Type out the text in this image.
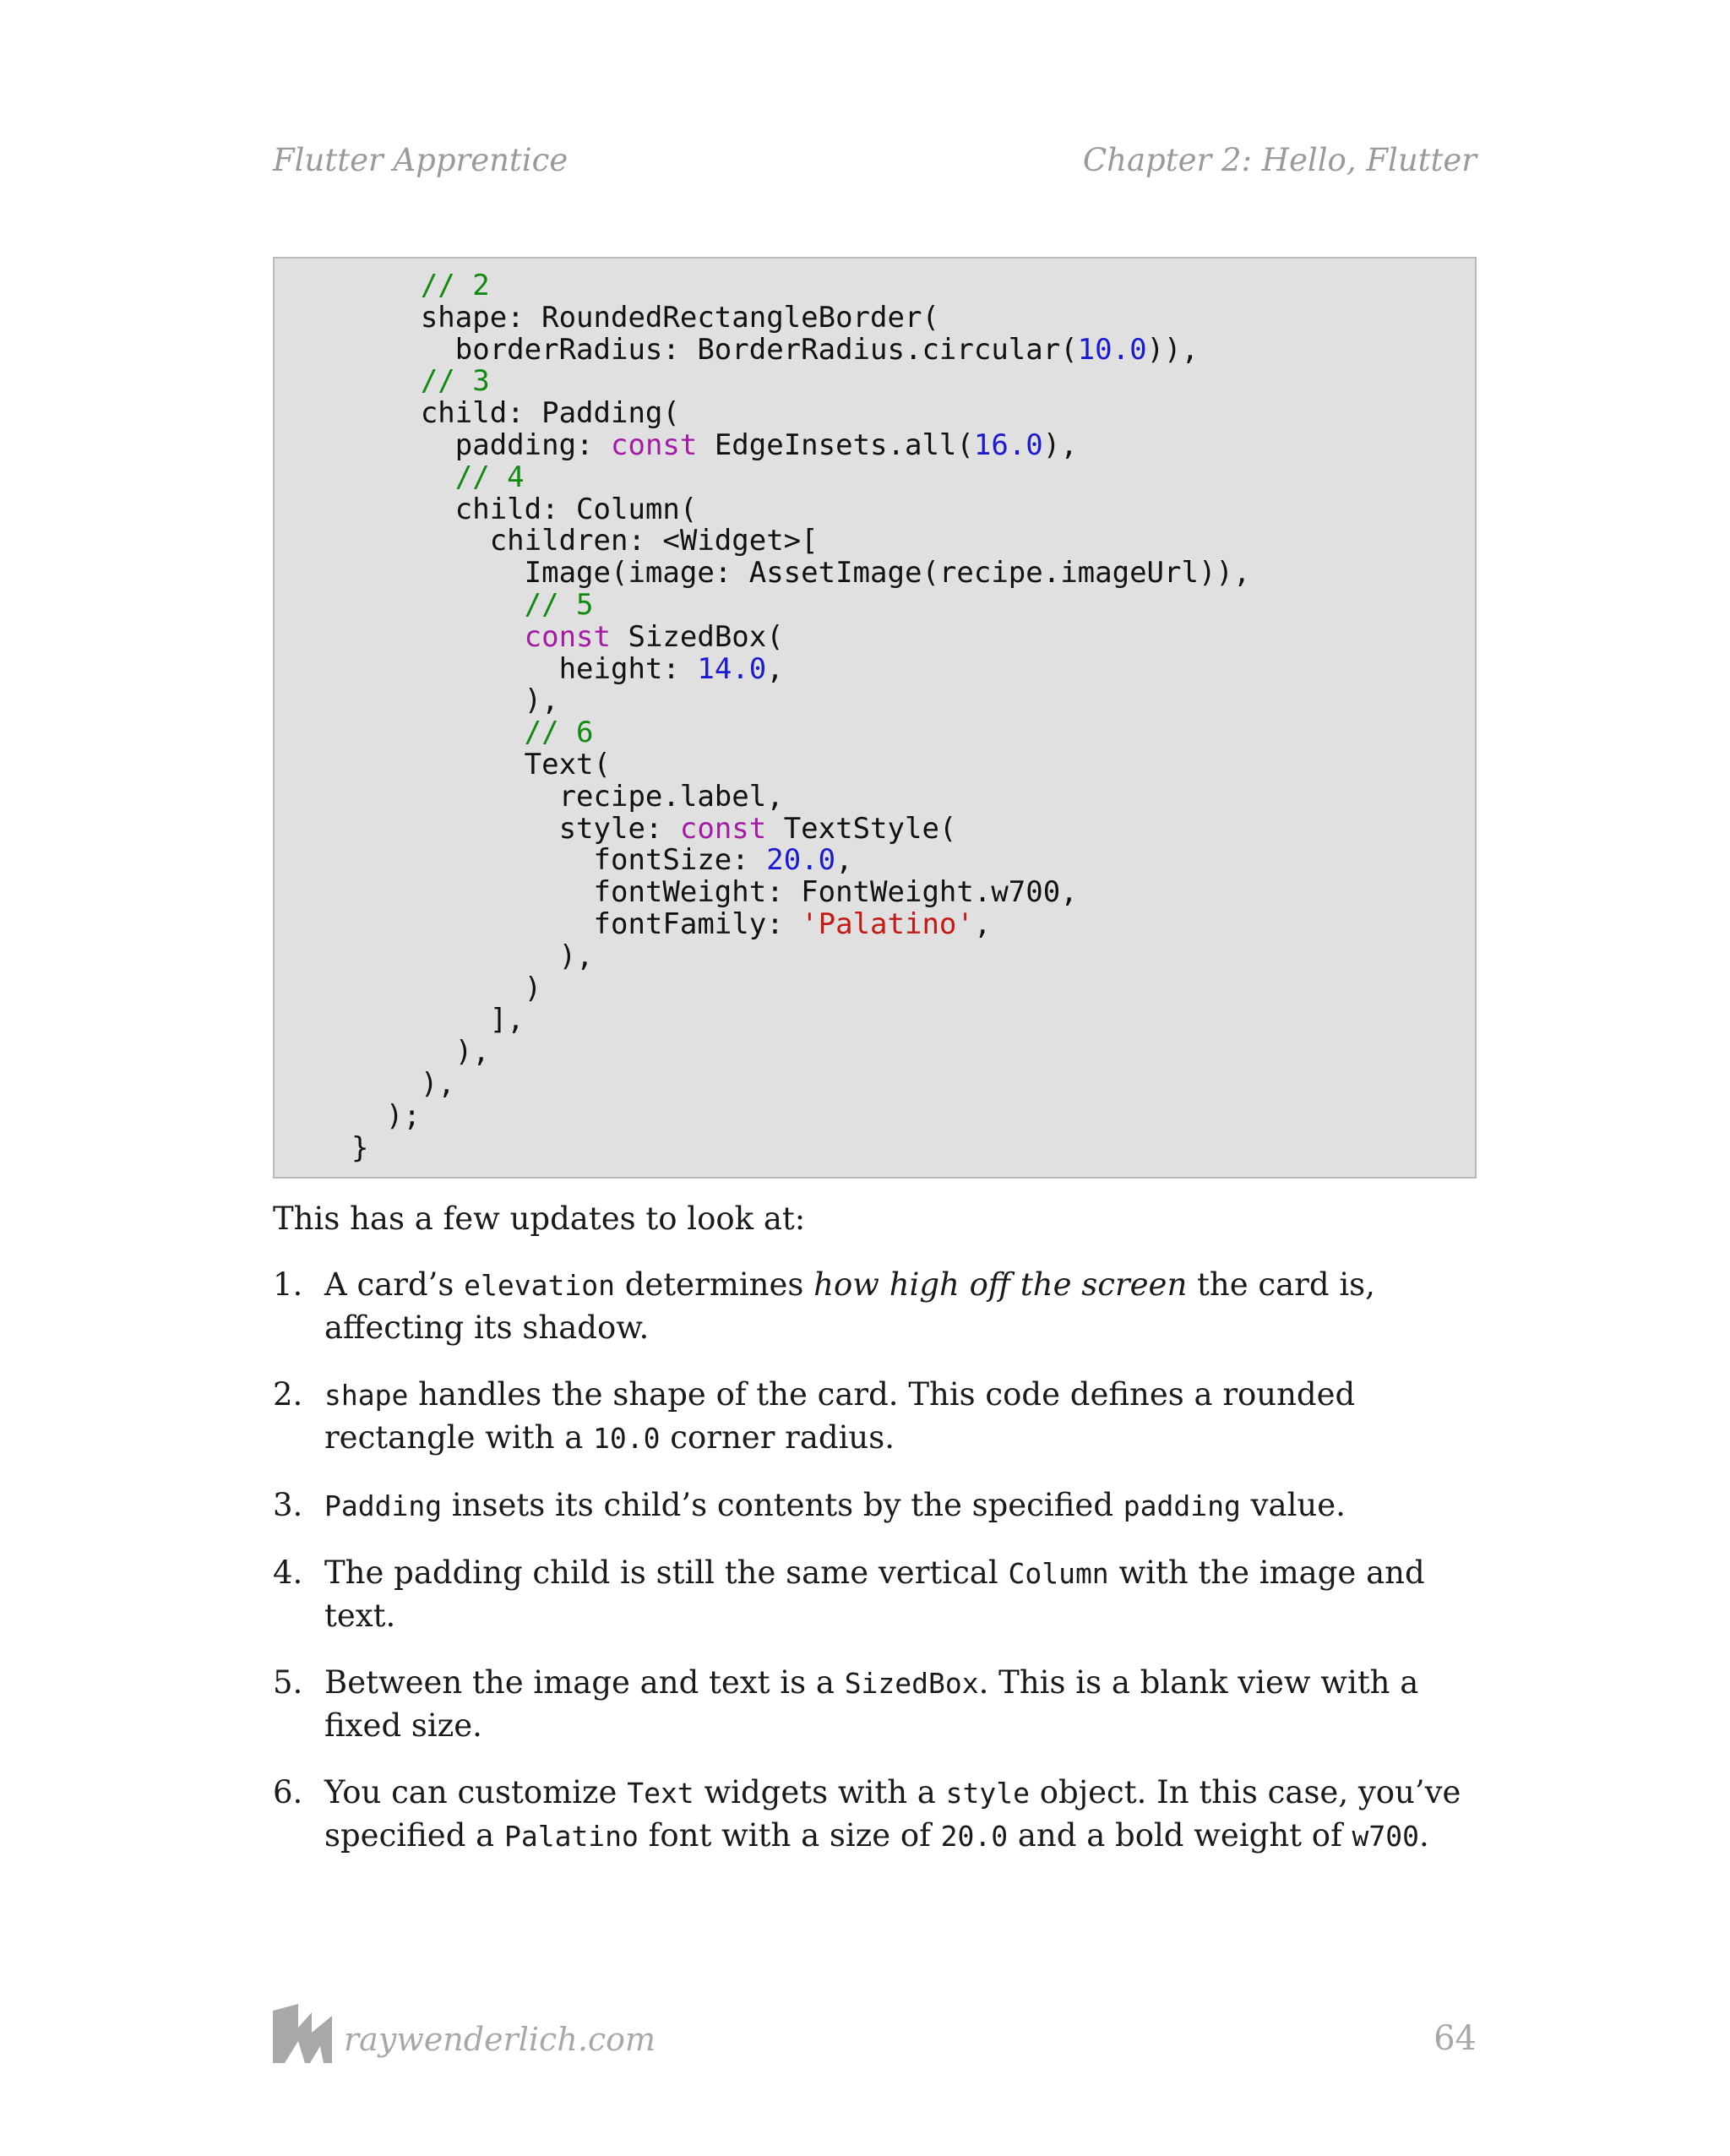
Flutter Apprentice	Chapter 2: Hello, Flutter
// 2
shape: RoundedRectangleBorder(
borderRadius: BorderRadius.circular(10.0)),
// 3
child: Padding(
padding: const EdgeInsets.all(16.0),
// 4
child: Column(
children: <Widget>[
Image(image: AssetImage(recipe.imageUrl)),
// 5
const SizedBox(
height: 14.0,
),
// 6
Text(
recipe.label,
style: const TextStyle(
fontSize: 20.0,
fontWeight: FontWeight.w700,
fontFamily: 'Palatino',
),
)
],
),
),
);
}
This has a few updates to look at:
1. A card’s elevation determines how high off the screen the card is, affecting its shadow.
2. shape handles the shape of the card. This code defines a rounded rectangle with a 10.0 corner radius.
3. Padding insets its child’s contents by the specified padding value.
4. The padding child is still the same vertical Column with the image and text.
5. Between the image and text is a SizedBox. This is a blank view with a fixed size.
6. You can customize Text widgets with a style object. In this case, you’ve specified a Palatino font with a size of 20.0 and a bold weight of w700.
raywenderlich.com	64
